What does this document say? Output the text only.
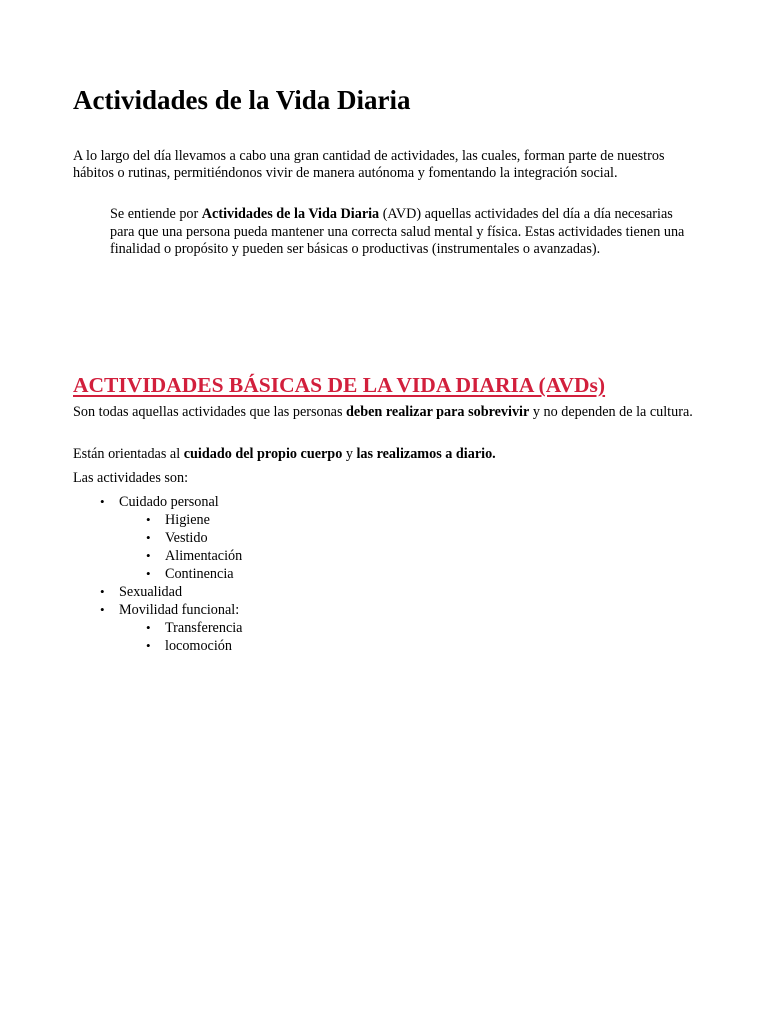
Actividades de la Vida Diaria

A lo largo del día llevamos a cabo una gran cantidad de actividades, las cuales, forman parte de nuestros hábitos o rutinas, permitiéndonos vivir de manera autónoma y fomentando la integración social.

Se entiende por Actividades de la Vida Diaria (AVD) aquellas actividades del día a día necesarias para que una persona pueda mantener una correcta salud mental y física. Estas actividades tienen una finalidad o propósito y pueden ser básicas o productivas (instrumentales o avanzadas).

ACTIVIDADES BÁSICAS DE LA VIDA DIARIA (AVDs)

Son todas aquellas actividades que las personas deben realizar para sobrevivir y no dependen de la cultura.

Están orientadas al cuidado del propio cuerpo y las realizamos a diario.

Las actividades son:

• Cuidado personal
• Higiene
• Vestido
• Alimentación
• Continencia
• Sexualidad
• Movilidad funcional:
• Transferencia
• locomoción
